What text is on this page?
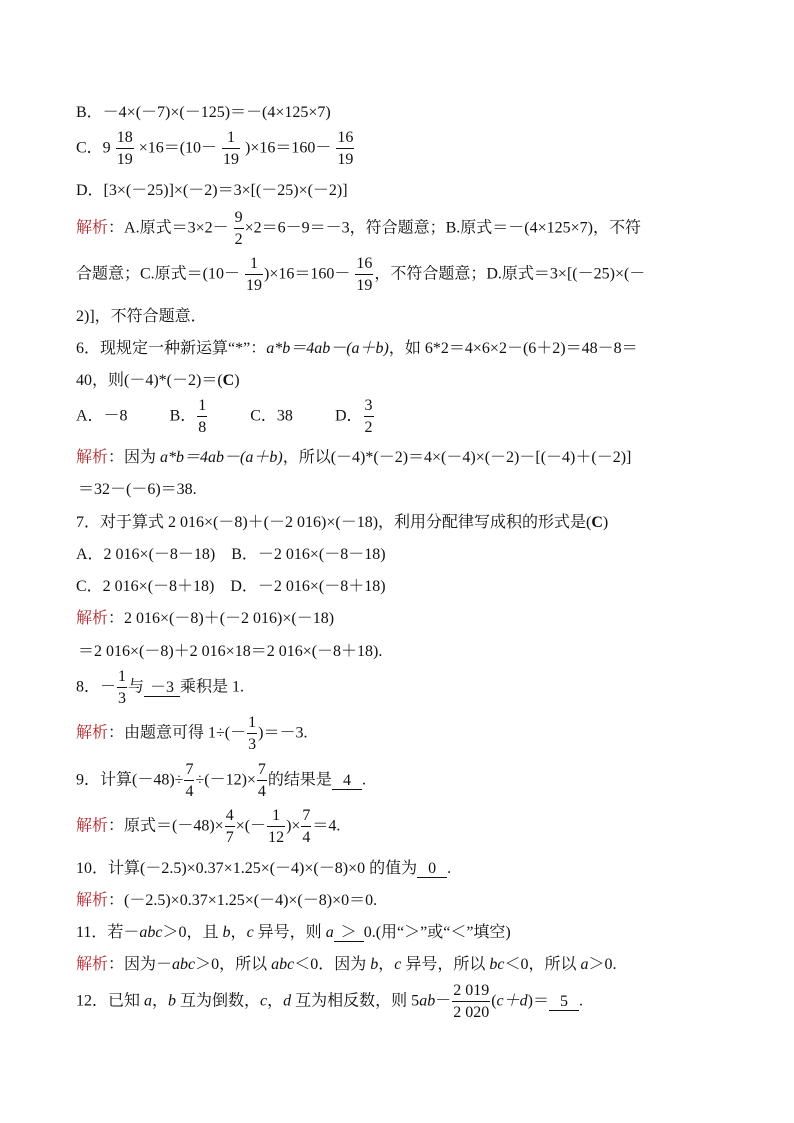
B．－4×(－7)×(－125)＝－(4×125×7)
C．$9 \frac{18}{19} \times 16=(10- \frac{1}{19} )\times 16=160- \frac{16}{19}$
D．[3×(－25)]×(－2)＝3×[(－25)×(－2)]
解析：A.原式$=3\times 2- \frac{9}{2} \times 2=6-9=-3$，符合题意；B.原式＝－(4×125×7)，不符
合题意；C.原式$=(10- \frac{1}{19} )\times 16=160- \frac{16}{19}$ ，不符合题意；D.原式＝3×[(－25)×(－
2)]，不符合题意．
6．现规定一种新运算“*”：a*b＝4ab－(a＋b)，如 6*2＝4×6×2－(6＋2)＝48－8＝
40，则(－4)*(－2)＝(C)
A．－8	B． $\frac{1}{8}$	C．38	D． $\frac{3}{2}$
解析：因为 a*b＝4ab－(a＋b)，所以(－4)*(－2)＝4×(－4)×(－2)－[(－4)＋(－2)]
＝32－(－6)＝38.
7．对于算式 2 016×(－8)＋(－2 016)×(－18)，利用分配律写成积的形式是(C)
A．2 016×(－8－18)　B．－2 016×(－8－18)
C．2 016×(－8＋18)　D．－2 016×(－8＋18)
解析：2 016×(－8)＋(－2 016)×(－18)
＝2 016×(－8)＋2 016×18＝2 016×(－8＋18).
8．－ $\frac{1}{3}$ 与 －3 乘积是 1.
解析：由题意可得 $1\div(- \frac{1}{3} )=-3$.
9．计算$(-48)\div \frac{7}{4} \div(-12)\times \frac{7}{4}$ 的结果是 4 .
解析：原式$=(-48)\times \frac{4}{7}$ ×(－ $\frac{1}{12}$ )× $\frac{7}{4} =4$.
10．计算(－2.5)×0.37×1.25×(－4)×(－8)×0 的值为 0 .
解析：(－2.5)×0.37×1.25×(－4)×(－8)×0＝0.
11．若－abc＞0，且 b，c 异号，则 a ＞ 0.(用“＞”或“＜”填空)
解析：因为－abc＞0，所以 abc＜0．因为 b，c 异号，所以 bc＜0，所以 a＞0.
12．已知 a，b 互为倒数，c，d 互为相反数，则 $5ab- \frac{2 019}{2 020} (c+d)= 5$ .
